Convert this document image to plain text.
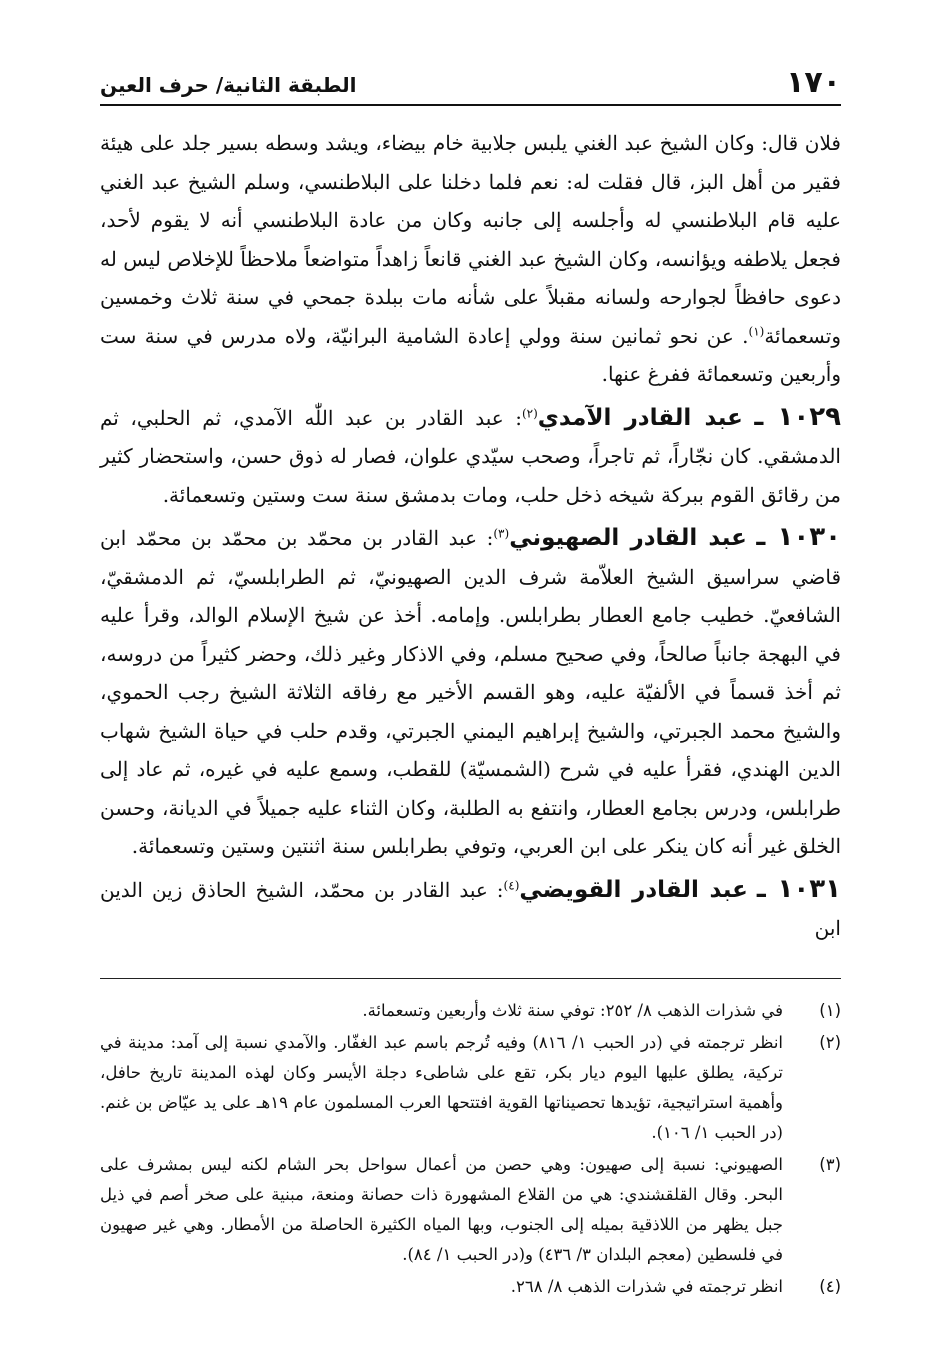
١٧٠
الطبقة الثانية/ حرف العين

فلان قال: وكان الشيخ عبد الغني يلبس جلابية خام بيضاء، ويشد وسطه بسير جلد على هيئة فقير من أهل البز، قال فقلت له: نعم فلما دخلنا على البلاطنسي، وسلم الشيخ عبد الغني عليه قام البلاطنسي له وأجلسه إلى جانبه وكان من عادة البلاطنسي أنه لا يقوم لأحد، فجعل يلاطفه ويؤانسه، وكان الشيخ عبد الغني قانعاً زاهداً متواضعاً ملاحظاً للإخلاص ليس له دعوى حافظاً لجوارحه ولسانه مقبلاً على شأنه مات ببلدة جمحي في سنة ثلاث وخمسين وتسعمائة$^{(١)}$. عن نحو ثمانين سنة وولي إعادة الشامية البرانيّة، ولاه مدرس في سنة ست وأربعين وتسعمائة ففرغ عنها.

١٠٢٩ ـ عبد القادر الآمدي$^{(٢)}$: عبد القادر بن عبد اللّٰه الآمدي، ثم الحلبي، ثم الدمشقي. كان نجّاراً، ثم تاجراً، وصحب سيّدي علوان، فصار له ذوق حسن، واستحضار كثير من رقائق القوم ببركة شيخه ذخل حلب، ومات بدمشق سنة ست وستين وتسعمائة.

١٠٣٠ ـ عبد القادر الصهيوني$^{(٣)}$: عبد القادر بن محمّد بن محمّد بن محمّد ابن قاضي سراسيق الشيخ العلاّمة شرف الدين الصهيونيّ، ثم الطرابلسيّ، ثم الدمشقيّ، الشافعيّ. خطيب جامع العطار بطرابلس. وإمامه. أخذ عن شيخ الإسلام الوالد، وقرأ عليه في البهجة جانباً صالحاً، وفي صحيح مسلم، وفي الاذكار وغير ذلك، وحضر كثيراً من دروسه، ثم أخذ قسماً في الألفيّة عليه، وهو القسم الأخير مع رفاقه الثلاثة الشيخ رجب الحموي، والشيخ محمد الجبرتي، والشيخ إبراهيم اليمني الجبرتي، وقدم حلب في حياة الشيخ شهاب الدين الهندي، فقرأ عليه في شرح (الشمسيّة) للقطب، وسمع عليه في غيره، ثم عاد إلى طرابلس، ودرس بجامع العطار، وانتفع به الطلبة، وكان الثناء عليه جميلاً في الديانة، وحسن الخلق غير أنه كان ينكر على ابن العربي، وتوفي بطرابلس سنة اثنتين وستين وتسعمائة.

١٠٣١ ـ عبد القادر القويضي$^{(٤)}$: عبد القادر بن محمّد، الشيخ الحاذق زين الدين ابن

(١)
في شذرات الذهب ٨/ ٢٥٢: توفي سنة ثلاث وأربعين وتسعمائة.
(٢)
انظر ترجمته في (در الحبب ١/ ٨١٦) وفيه تُرجم باسم عبد الغفّار. والآمدي نسبة إلى آمد: مدينة في تركية، يطلق عليها اليوم ديار بكر، تقع على شاطىء دجلة الأيسر وكان لهذه المدينة تاريخ حافل، وأهمية استراتيجية، تؤيدها تحصيناتها القوية افتتحها العرب المسلمون عام ١٩هـ على يد عيّاض بن غنم. (در الحبب ١/ ١٠٦).
(٣)
الصهيوني: نسبة إلى صهيون: وهي حصن من أعمال سواحل بحر الشام لكنه ليس بمشرف على البحر. وقال القلقشندي: هي من القلاع المشهورة ذات حصانة ومنعة، مبنية على صخر أصم في ذيل جبل يظهر من اللاذقية بميله إلى الجنوب، وبها المياه الكثيرة الحاصلة من الأمطار. وهي غير صهيون في فلسطين (معجم البلدان ٣/ ٤٣٦) و(در الحبب ١/ ٨٤).
(٤)
انظر ترجمته في شذرات الذهب ٨/ ٢٦٨.
